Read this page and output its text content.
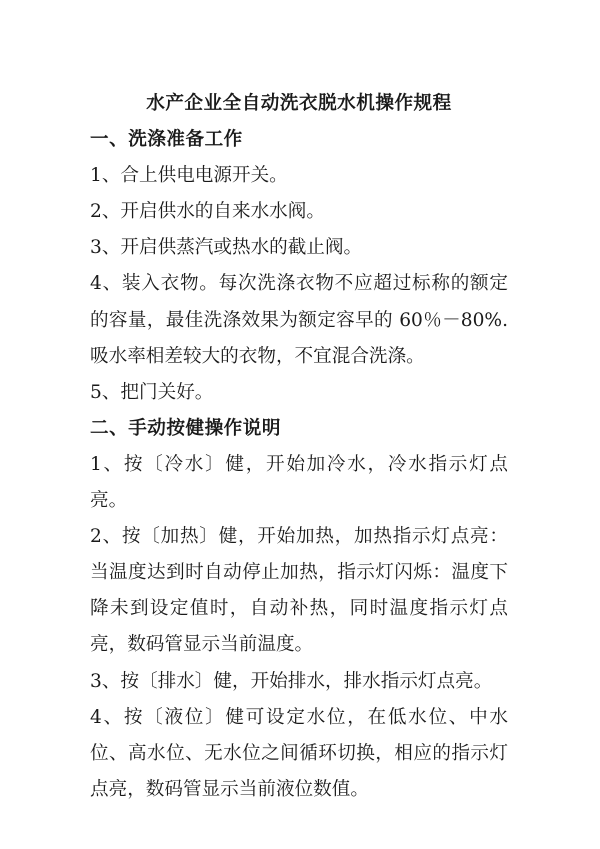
水产企业全自动洗衣脱水机操作规程

一、洗涤准备工作

1、合上供电电源开关。

2、开启供水的自来水水阀。

3、开启供蒸汽或热水的截止阀。

4、装入衣物。每次洗涤衣物不应超过标称的额定的容量，最佳洗涤效果为额定容早的 60％－80%.吸水率相差较大的衣物，不宜混合洗涤。

5、把门关好。

二、手动按健操作说明

1、按〔冷水〕健，开始加冷水，冷水指示灯点亮。

2、按〔加热〕健，开始加热，加热指示灯点亮：当温度达到时自动停止加热，指示灯闪烁：温度下降未到设定值时，自动补热，同时温度指示灯点亮，数码管显示当前温度。

3、按〔排水〕健，开始排水，排水指示灯点亮。

4、按〔液位〕健可设定水位，在低水位、中水位、高水位、无水位之间循环切换，相应的指示灯点亮，数码管显示当前液位数值。
